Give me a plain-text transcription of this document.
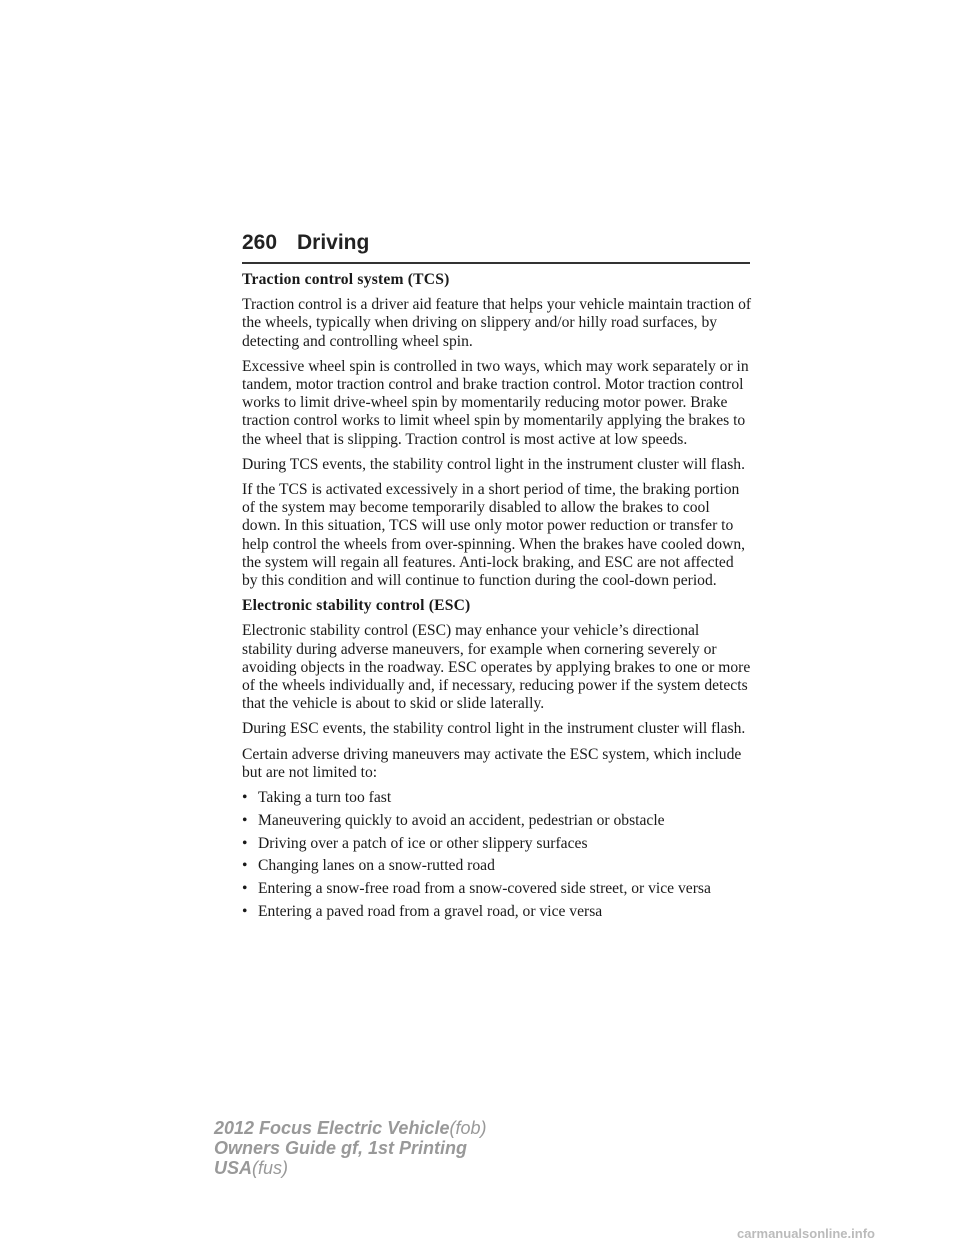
260 Driving
Traction control system (TCS)

Traction control is a driver aid feature that helps your vehicle maintain traction of the wheels, typically when driving on slippery and/or hilly road surfaces, by detecting and controlling wheel spin.

Excessive wheel spin is controlled in two ways, which may work separately or in tandem, motor traction control and brake traction control. Motor traction control works to limit drive-wheel spin by momentarily reducing motor power. Brake traction control works to limit wheel spin by momentarily applying the brakes to the wheel that is slipping. Traction control is most active at low speeds.

During TCS events, the stability control light in the instrument cluster will flash.

If the TCS is activated excessively in a short period of time, the braking portion of the system may become temporarily disabled to allow the brakes to cool down. In this situation, TCS will use only motor power reduction or transfer to help control the wheels from over-spinning. When the brakes have cooled down, the system will regain all features. Anti-lock braking, and ESC are not affected by this condition and will continue to function during the cool-down period.

Electronic stability control (ESC)

Electronic stability control (ESC) may enhance your vehicle’s directional stability during adverse maneuvers, for example when cornering severely or avoiding objects in the roadway. ESC operates by applying brakes to one or more of the wheels individually and, if necessary, reducing power if the system detects that the vehicle is about to skid or slide laterally.

During ESC events, the stability control light in the instrument cluster will flash.

Certain adverse driving maneuvers may activate the ESC system, which include but are not limited to:

• Taking a turn too fast
• Maneuvering quickly to avoid an accident, pedestrian or obstacle
• Driving over a patch of ice or other slippery surfaces
• Changing lanes on a snow-rutted road
• Entering a snow-free road from a snow-covered side street, or vice versa
• Entering a paved road from a gravel road, or vice versa
2012 Focus Electric Vehicle(fob)
Owners Guide gf, 1st Printing
USA(fus)
carmanualsonline.info
